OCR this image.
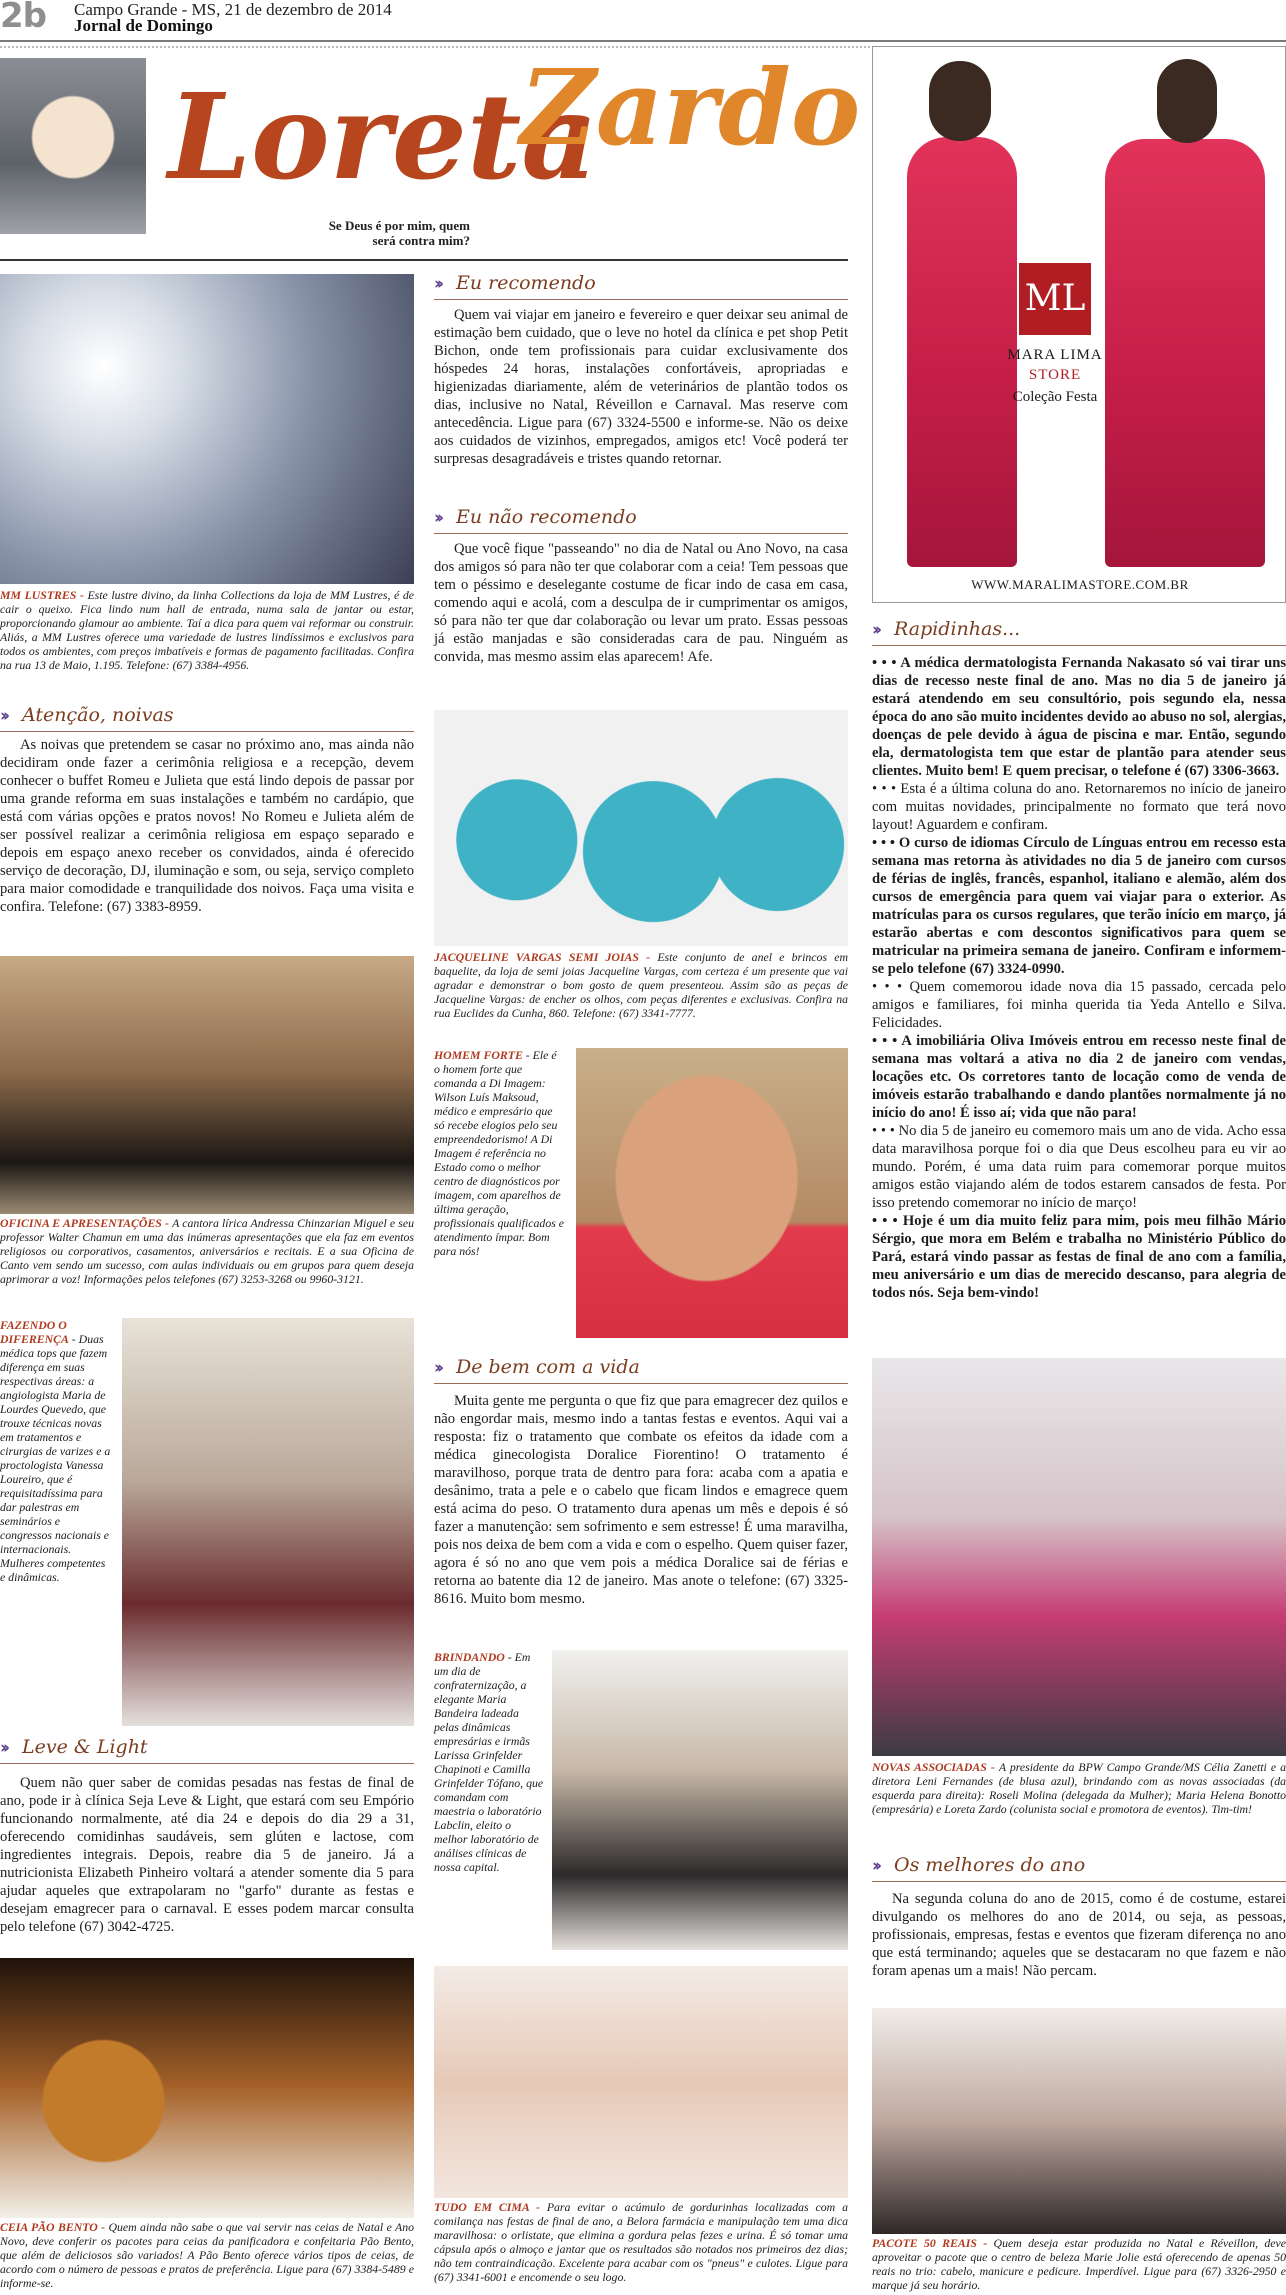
2b Campo Grande - MS, 21 de dezembro de 2014
Jornal de Domingo
Loreta
Zardo
Se Deus é por mim, quem
será contra mim?
ML
MARA LIMA
STORE
Coleção Festa
WWW.MARALIMASTORE.COM.BR
MM LUSTRES - Este lustre divino, da linha Collections da loja de MM Lustres, é de cair o queixo. Fica lindo num hall de entrada, numa sala de jantar ou estar, proporcionando glamour ao ambiente. Taí a dica para quem vai reformar ou construir. Aliás, a MM Lustres oferece uma variedade de lustres lindíssimos e exclusivos para todos os ambientes, com preços imbatíveis e formas de pagamento facilitadas. Confira na rua 13 de Maio, 1.195. Telefone: (67) 3384-4956.
›› Atenção, noivas

As noivas que pretendem se casar no próximo ano, mas ainda não decidiram onde fazer a cerimônia religiosa e a recepção, devem conhecer o buffet Romeu e Julieta que está lindo depois de passar por uma grande reforma em suas instalações e também no cardápio, que está com várias opções e pratos novos! No Romeu e Julieta além de ser possível realizar a cerimônia religiosa em espaço separado e depois em espaço anexo receber os convidados, ainda é oferecido serviço de decoração, DJ, iluminação e som, ou seja, serviço completo para maior comodidade e tranquilidade dos noivos. Faça uma visita e confira. Telefone: (67) 3383-8959.

OFICINA E APRESENTAÇÕES - A cantora lírica Andressa Chinzarian Miguel e seu professor Walter Chamun em uma das inúmeras apresentações que ela faz em eventos religiosos ou corporativos, casamentos, aniversários e recitais. E a sua Oficina de Canto vem sendo um sucesso, com aulas individuais ou em grupos para quem deseja aprimorar a voz! Informações pelos telefones (67) 3253-3268 ou 9960-3121.
FAZENDO O DIFERENÇA - Duas médica tops que fazem diferença em suas respectivas áreas: a angiologista Maria de Lourdes Quevedo, que trouxe técnicas novas em tratamentos e cirurgias de varizes e a proctologista Vanessa Loureiro, que é requisitadíssima para dar palestras em seminários e congressos nacionais e internacionais. Mulheres competentes e dinâmicas.
›› Leve & Light

Quem não quer saber de comidas pesadas nas festas de final de ano, pode ir à clínica Seja Leve & Light, que estará com seu Empório funcionando normalmente, até dia 24 e depois do dia 29 a 31, oferecendo comidinhas saudáveis, sem glúten e lactose, com ingredientes integrais. Depois, reabre dia 5 de janeiro. Já a nutricionista Elizabeth Pinheiro voltará a atender somente dia 5 para ajudar aqueles que extrapolaram no "garfo" durante as festas e desejam emagrecer para o carnaval. E esses podem marcar consulta pelo telefone (67) 3042-4725.

CEIA PÃO BENTO - Quem ainda não sabe o que vai servir nas ceias de Natal e Ano Novo, deve conferir os pacotes para ceias da panificadora e confeitaria Pão Bento, que além de deliciosos são variados! A Pão Bento oferece vários tipos de ceias, de acordo com o número de pessoas e pratos de preferência. Ligue para (67) 3384-5489 e informe-se.
›› Eu recomendo

Quem vai viajar em janeiro e fevereiro e quer deixar seu animal de estimação bem cuidado, que o leve no hotel da clínica e pet shop Petit Bichon, onde tem profissionais para cuidar exclusivamente dos hóspedes 24 horas, instalações confortáveis, apropriadas e higienizadas diariamente, além de veterinários de plantão todos os dias, inclusive no Natal, Réveillon e Carnaval. Mas reserve com antecedência. Ligue para (67) 3324-5500 e informe-se. Não os deixe aos cuidados de vizinhos, empregados, amigos etc! Você poderá ter surpresas desagradáveis e tristes quando retornar.

›› Eu não recomendo

Que você fique "passeando" no dia de Natal ou Ano Novo, na casa dos amigos só para não ter que colaborar com a ceia! Tem pessoas que tem o péssimo e deselegante costume de ficar indo de casa em casa, comendo aqui e acolá, com a desculpa de ir cumprimentar os amigos, só para não ter que dar colaboração ou levar um prato. Essas pessoas já estão manjadas e são consideradas cara de pau. Ninguém as convida, mas mesmo assim elas aparecem! Afe.

JACQUELINE VARGAS SEMI JOIAS - Este conjunto de anel e brincos em baquelite, da loja de semi joias Jacqueline Vargas, com certeza é um presente que vai agradar e demonstrar o bom gosto de quem presenteou. Assim são as peças de Jacqueline Vargas: de encher os olhos, com peças diferentes e exclusivas. Confira na rua Euclides da Cunha, 860. Telefone: (67) 3341-7777.
HOMEM FORTE - Ele é o homem forte que comanda a Di Imagem: Wilson Luís Maksoud, médico e empresário que só recebe elogios pelo seu empreendedorismo! A Di Imagem é referência no Estado como o melhor centro de diagnósticos por imagem, com aparelhos de última geração, profissionais qualificados e atendimento ímpar. Bom para nós!
›› De bem com a vida

Muita gente me pergunta o que fiz que para emagrecer dez quilos e não engordar mais, mesmo indo a tantas festas e eventos. Aqui vai a resposta: fiz o tratamento que combate os efeitos da idade com a médica ginecologista Doralice Fiorentino! O tratamento é maravilhoso, porque trata de dentro para fora: acaba com a apatia e desânimo, trata a pele e o cabelo que ficam lindos e emagrece quem está acima do peso. O tratamento dura apenas um mês e depois é só fazer a manutenção: sem sofrimento e sem estresse! É uma maravilha, pois nos deixa de bem com a vida e com o espelho. Quem quiser fazer, agora é só no ano que vem pois a médica Doralice sai de férias e retorna ao batente dia 12 de janeiro. Mas anote o telefone: (67) 3325-8616. Muito bom mesmo.

BRINDANDO - Em um dia de confraternização, a elegante Maria Bandeira ladeada pelas dinâmicas empresárias e irmãs Larissa Grinfelder Chapinoti e Camilla Grinfelder Tófano, que comandam com maestria o laboratório Labclin, eleito o melhor laboratório de análises clínicas de nossa capital.
TUDO EM CIMA - Para evitar o acúmulo de gordurinhas localizadas com a comilança nas festas de final de ano, a Belora farmácia e manipulação tem uma dica maravilhosa: o orlistate, que elimina a gordura pelas fezes e urina. É só tomar uma cápsula após o almoço e jantar que os resultados são notados nos primeiros dez dias; não tem contraindicação. Excelente para acabar com os "pneus" e culotes. Ligue para (67) 3341-6001 e encomende o seu logo.
›› Rapidinhas...

• • • A médica dermatologista Fernanda Nakasato só vai tirar uns dias de recesso neste final de ano. Mas no dia 5 de janeiro já estará atendendo em seu consultório, pois segundo ela, nessa época do ano são muito incidentes devido ao abuso no sol, alergias, doenças de pele devido à água de piscina e mar. Então, segundo ela, dermatologista tem que estar de plantão para atender seus clientes. Muito bem! E quem precisar, o telefone é (67) 3306-3663.

• • • Esta é a última coluna do ano. Retornaremos no início de janeiro com muitas novidades, principalmente no formato que terá novo layout! Aguardem e confiram.

• • • O curso de idiomas Círculo de Línguas entrou em recesso esta semana mas retorna às atividades no dia 5 de janeiro com cursos de férias de inglês, francês, espanhol, italiano e alemão, além dos cursos de emergência para quem vai viajar para o exterior. As matrículas para os cursos regulares, que terão início em março, já estarão abertas e com descontos significativos para quem se matricular na primeira semana de janeiro. Confiram e informem-se pelo telefone (67) 3324-0990.

• • • Quem comemorou idade nova dia 15 passado, cercada pelo amigos e familiares, foi minha querida tia Yeda Antello e Silva. Felicidades.

• • • A imobiliária Oliva Imóveis entrou em recesso neste final de semana mas voltará a ativa no dia 2 de janeiro com vendas, locações etc. Os corretores tanto de locação como de venda de imóveis estarão trabalhando e dando plantões normalmente já no início do ano! É isso aí; vida que não para!

• • • No dia 5 de janeiro eu comemoro mais um ano de vida. Acho essa data maravilhosa porque foi o dia que Deus escolheu para eu vir ao mundo. Porém, é uma data ruim para comemorar porque muitos amigos estão viajando além de todos estarem cansados de festa. Por isso pretendo comemorar no início de março!

• • • Hoje é um dia muito feliz para mim, pois meu filhão Mário Sérgio, que mora em Belém e trabalha no Ministério Público do Pará, estará vindo passar as festas de final de ano com a família, meu aniversário e um dias de merecido descanso, para alegria de todos nós. Seja bem-vindo!

NOVAS ASSOCIADAS - A presidente da BPW Campo Grande/MS Célia Zanetti e a diretora Leni Fernandes (de blusa azul), brindando com as novas associadas (da esquerda para direita): Roseli Molina (delegada da Mulher); Maria Helena Bonotto (empresária) e Loreta Zardo (colunista social e promotora de eventos). Tim-tim!
›› Os melhores do ano

Na segunda coluna do ano de 2015, como é de costume, estarei divulgando os melhores do ano de 2014, ou seja, as pessoas, profissionais, empresas, festas e eventos que fizeram diferença no ano que está terminando; aqueles que se destacaram no que fazem e não foram apenas um a mais! Não percam.

PACOTE 50 REAIS - Quem deseja estar produzida no Natal e Réveillon, deve aproveitar o pacote que o centro de beleza Marie Jolie está oferecendo de apenas 50 reais no trio: cabelo, manicure e pedicure. Imperdível. Ligue para (67) 3326-2950 e marque já seu horário.
